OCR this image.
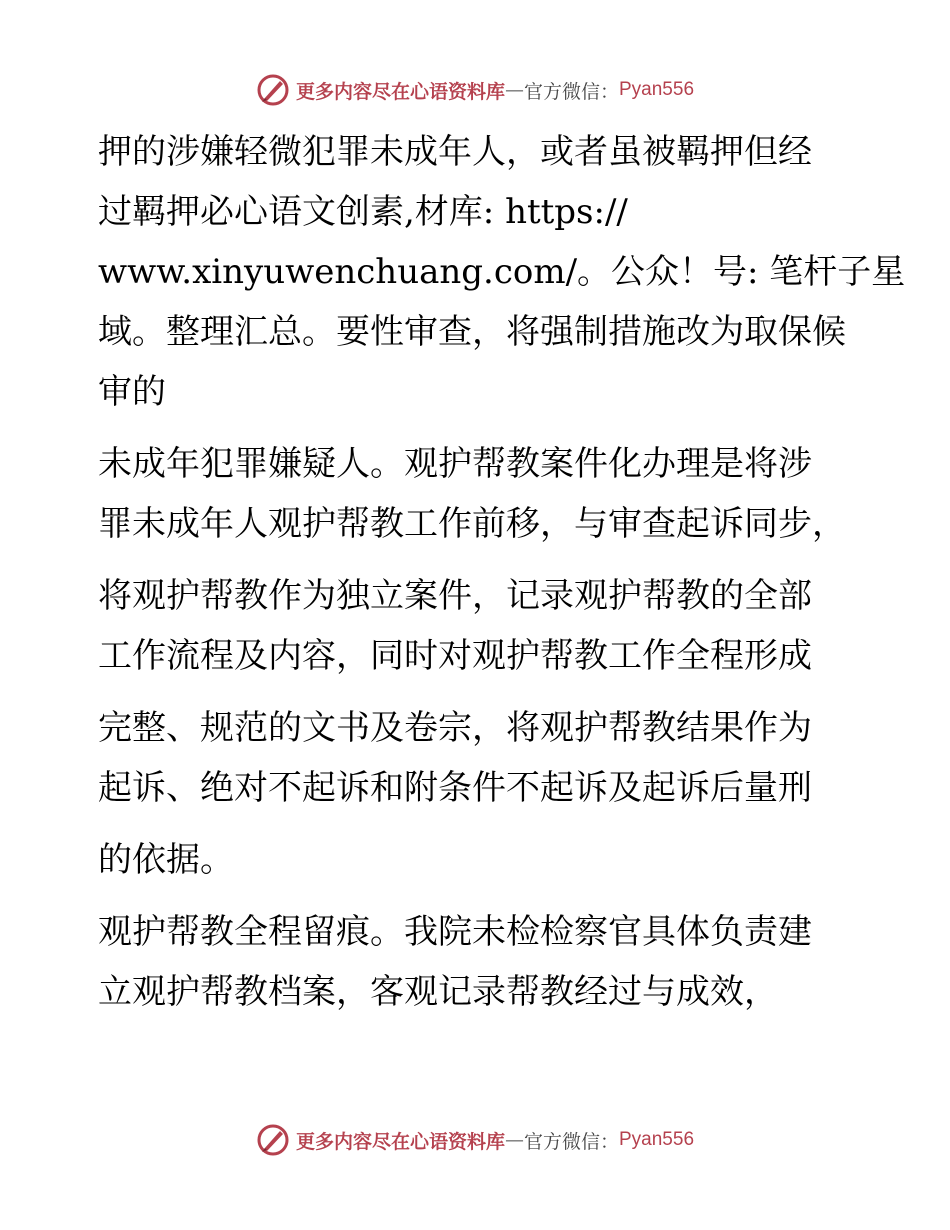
更多内容尽在心语资料库 — 官方微信： Pyan556
押的涉嫌轻微犯罪未成年人，或者虽被羁押但经
过羁押必心语文创素,材库: https://
www.xinyuwenchuang.com/。公众！号: 笔杆子星
域。整理汇总。要性审查，将强制措施改为取保候
审的
未成年犯罪嫌疑人。观护帮教案件化办理是将涉
罪未成年人观护帮教工作前移，与审查起诉同步，
将观护帮教作为独立案件，记录观护帮教的全部
工作流程及内容，同时对观护帮教工作全程形成
完整、规范的文书及卷宗，将观护帮教结果作为
起诉、绝对不起诉和附条件不起诉及起诉后量刑
的依据。
观护帮教全程留痕。我院未检检察官具体负责建
立观护帮教档案，客观记录帮教经过与成效，
更多内容尽在心语资料库 — 官方微信： Pyan556
